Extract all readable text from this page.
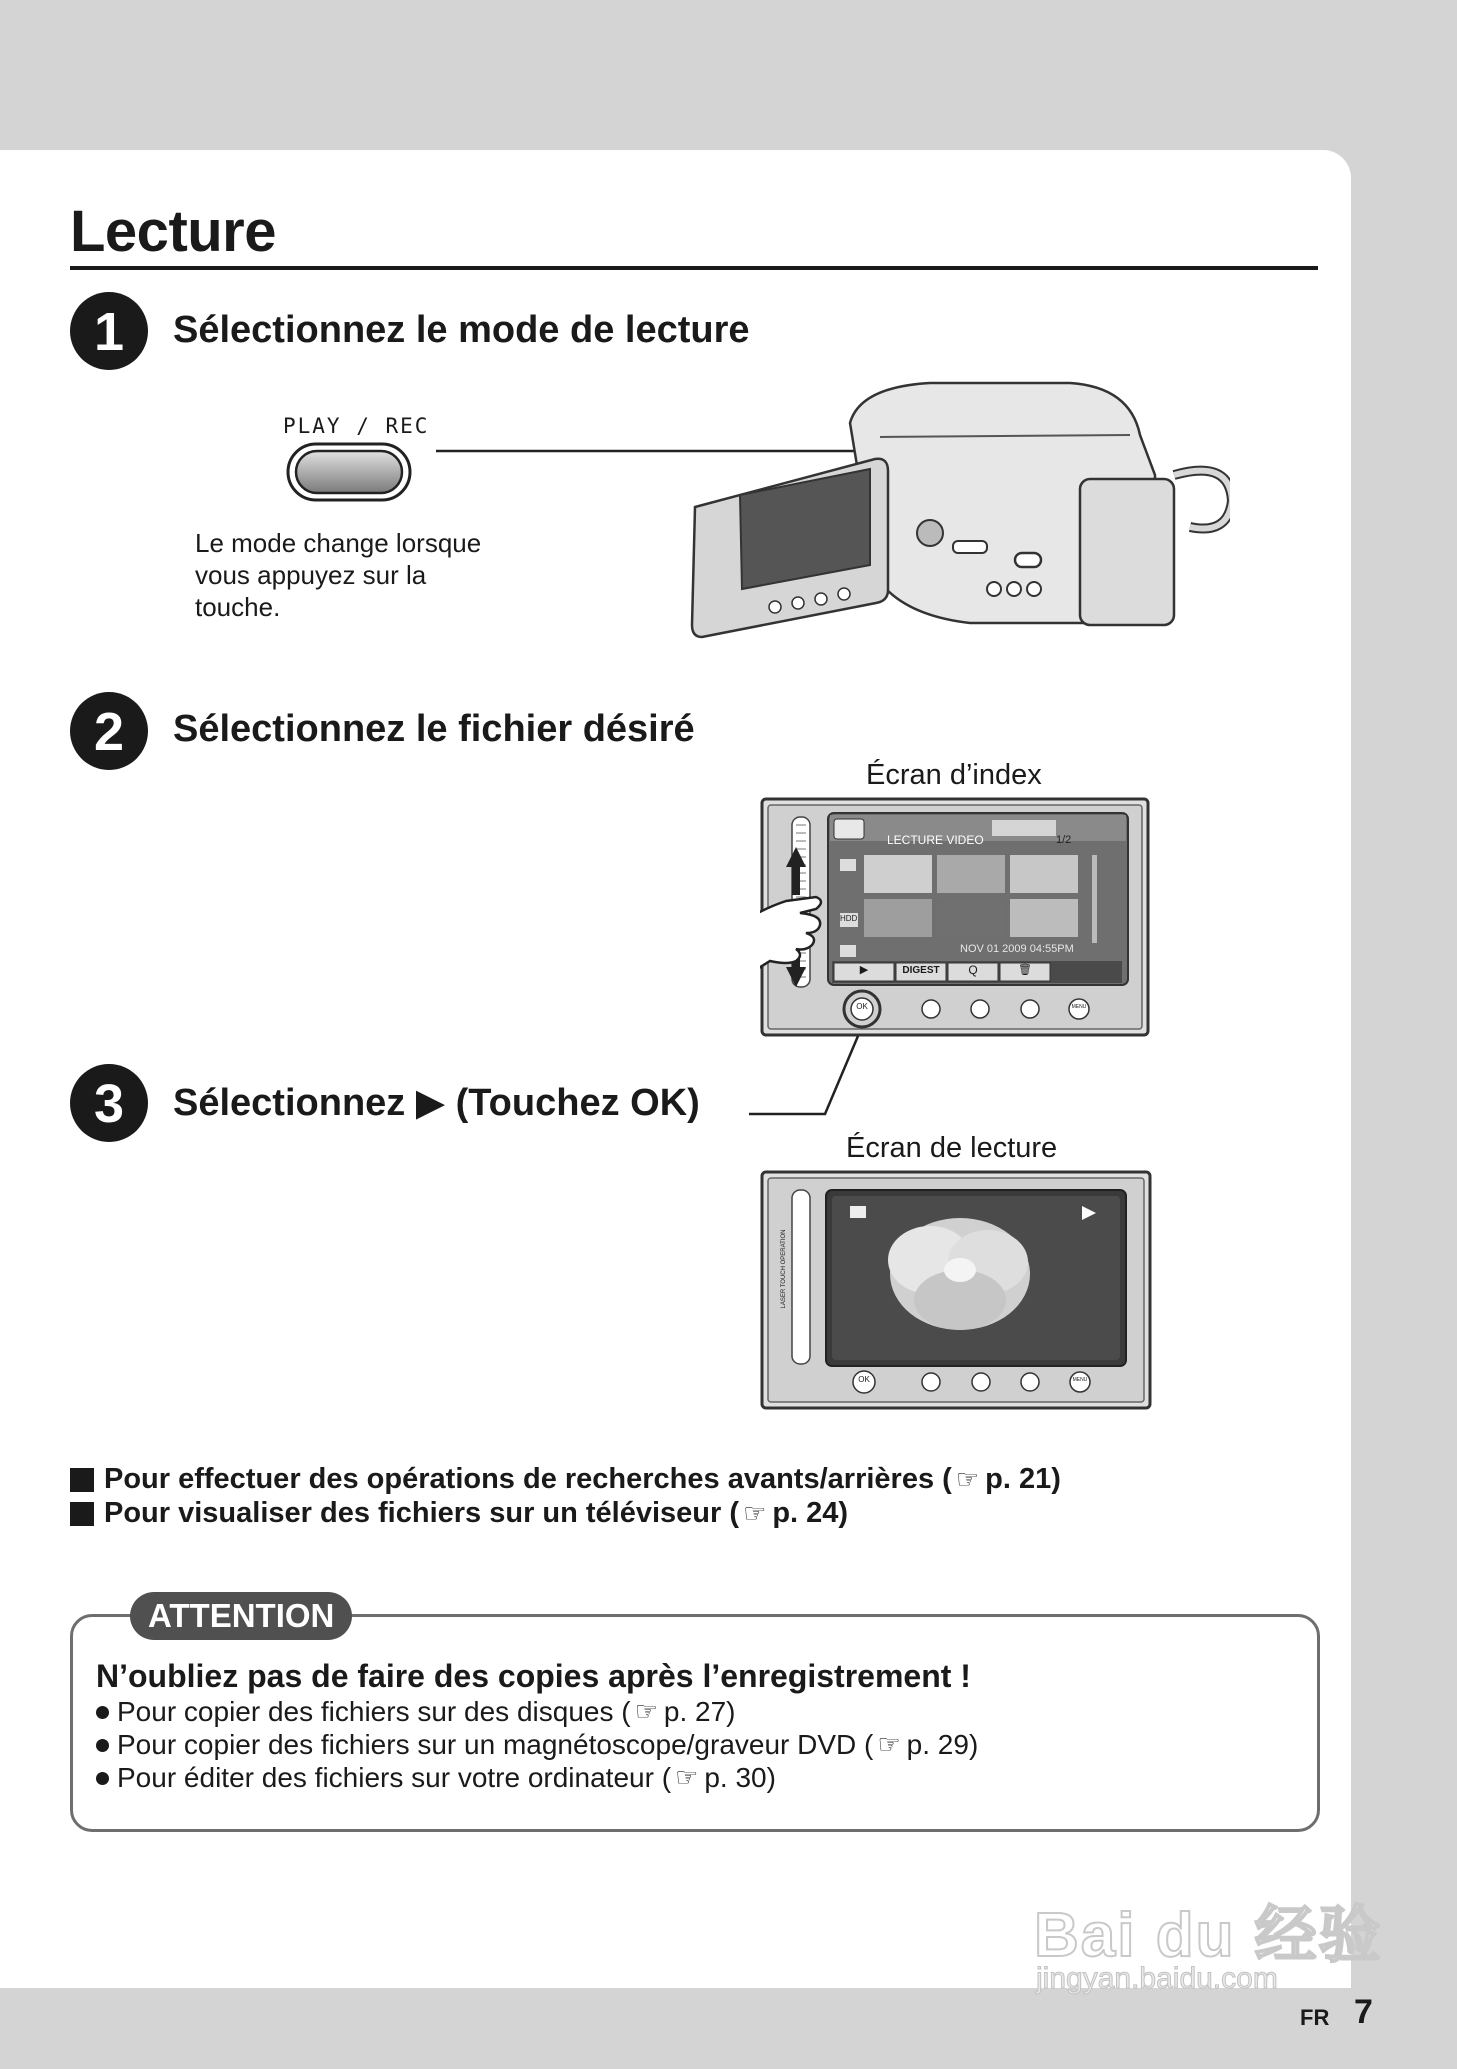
Lecture
1	Sélectionnez le mode de lecture
PLAY / REC
Le mode change lorsque
vous appuyez sur la
touche.
2	Sélectionnez le fichier désiré
Écran d’index
LECTURE VIDEO	1/2
NOV 01 2009 04:55PM
HDD
▶	DIGEST	Q	🗑
OK	MENU
3	Sélectionnez ▶ (Touchez OK)
Écran de lecture
LASER TOUCH OPERATION
OK	MENU
Pour effectuer des opérations de recherches avants/arrières ( ☞ p. 21)
Pour visualiser des fichiers sur un téléviseur ( ☞ p. 24)
ATTENTION
N’oubliez pas de faire des copies après l’enregistrement !
Pour copier des fichiers sur des disques ( ☞ p. 27)
Pour copier des fichiers sur un magnétoscope/graveur DVD ( ☞ p. 29)
Pour éditer des fichiers sur votre ordinateur ( ☞ p. 30)
Bai du 经验
jingyan.baidu.com
FR 7
